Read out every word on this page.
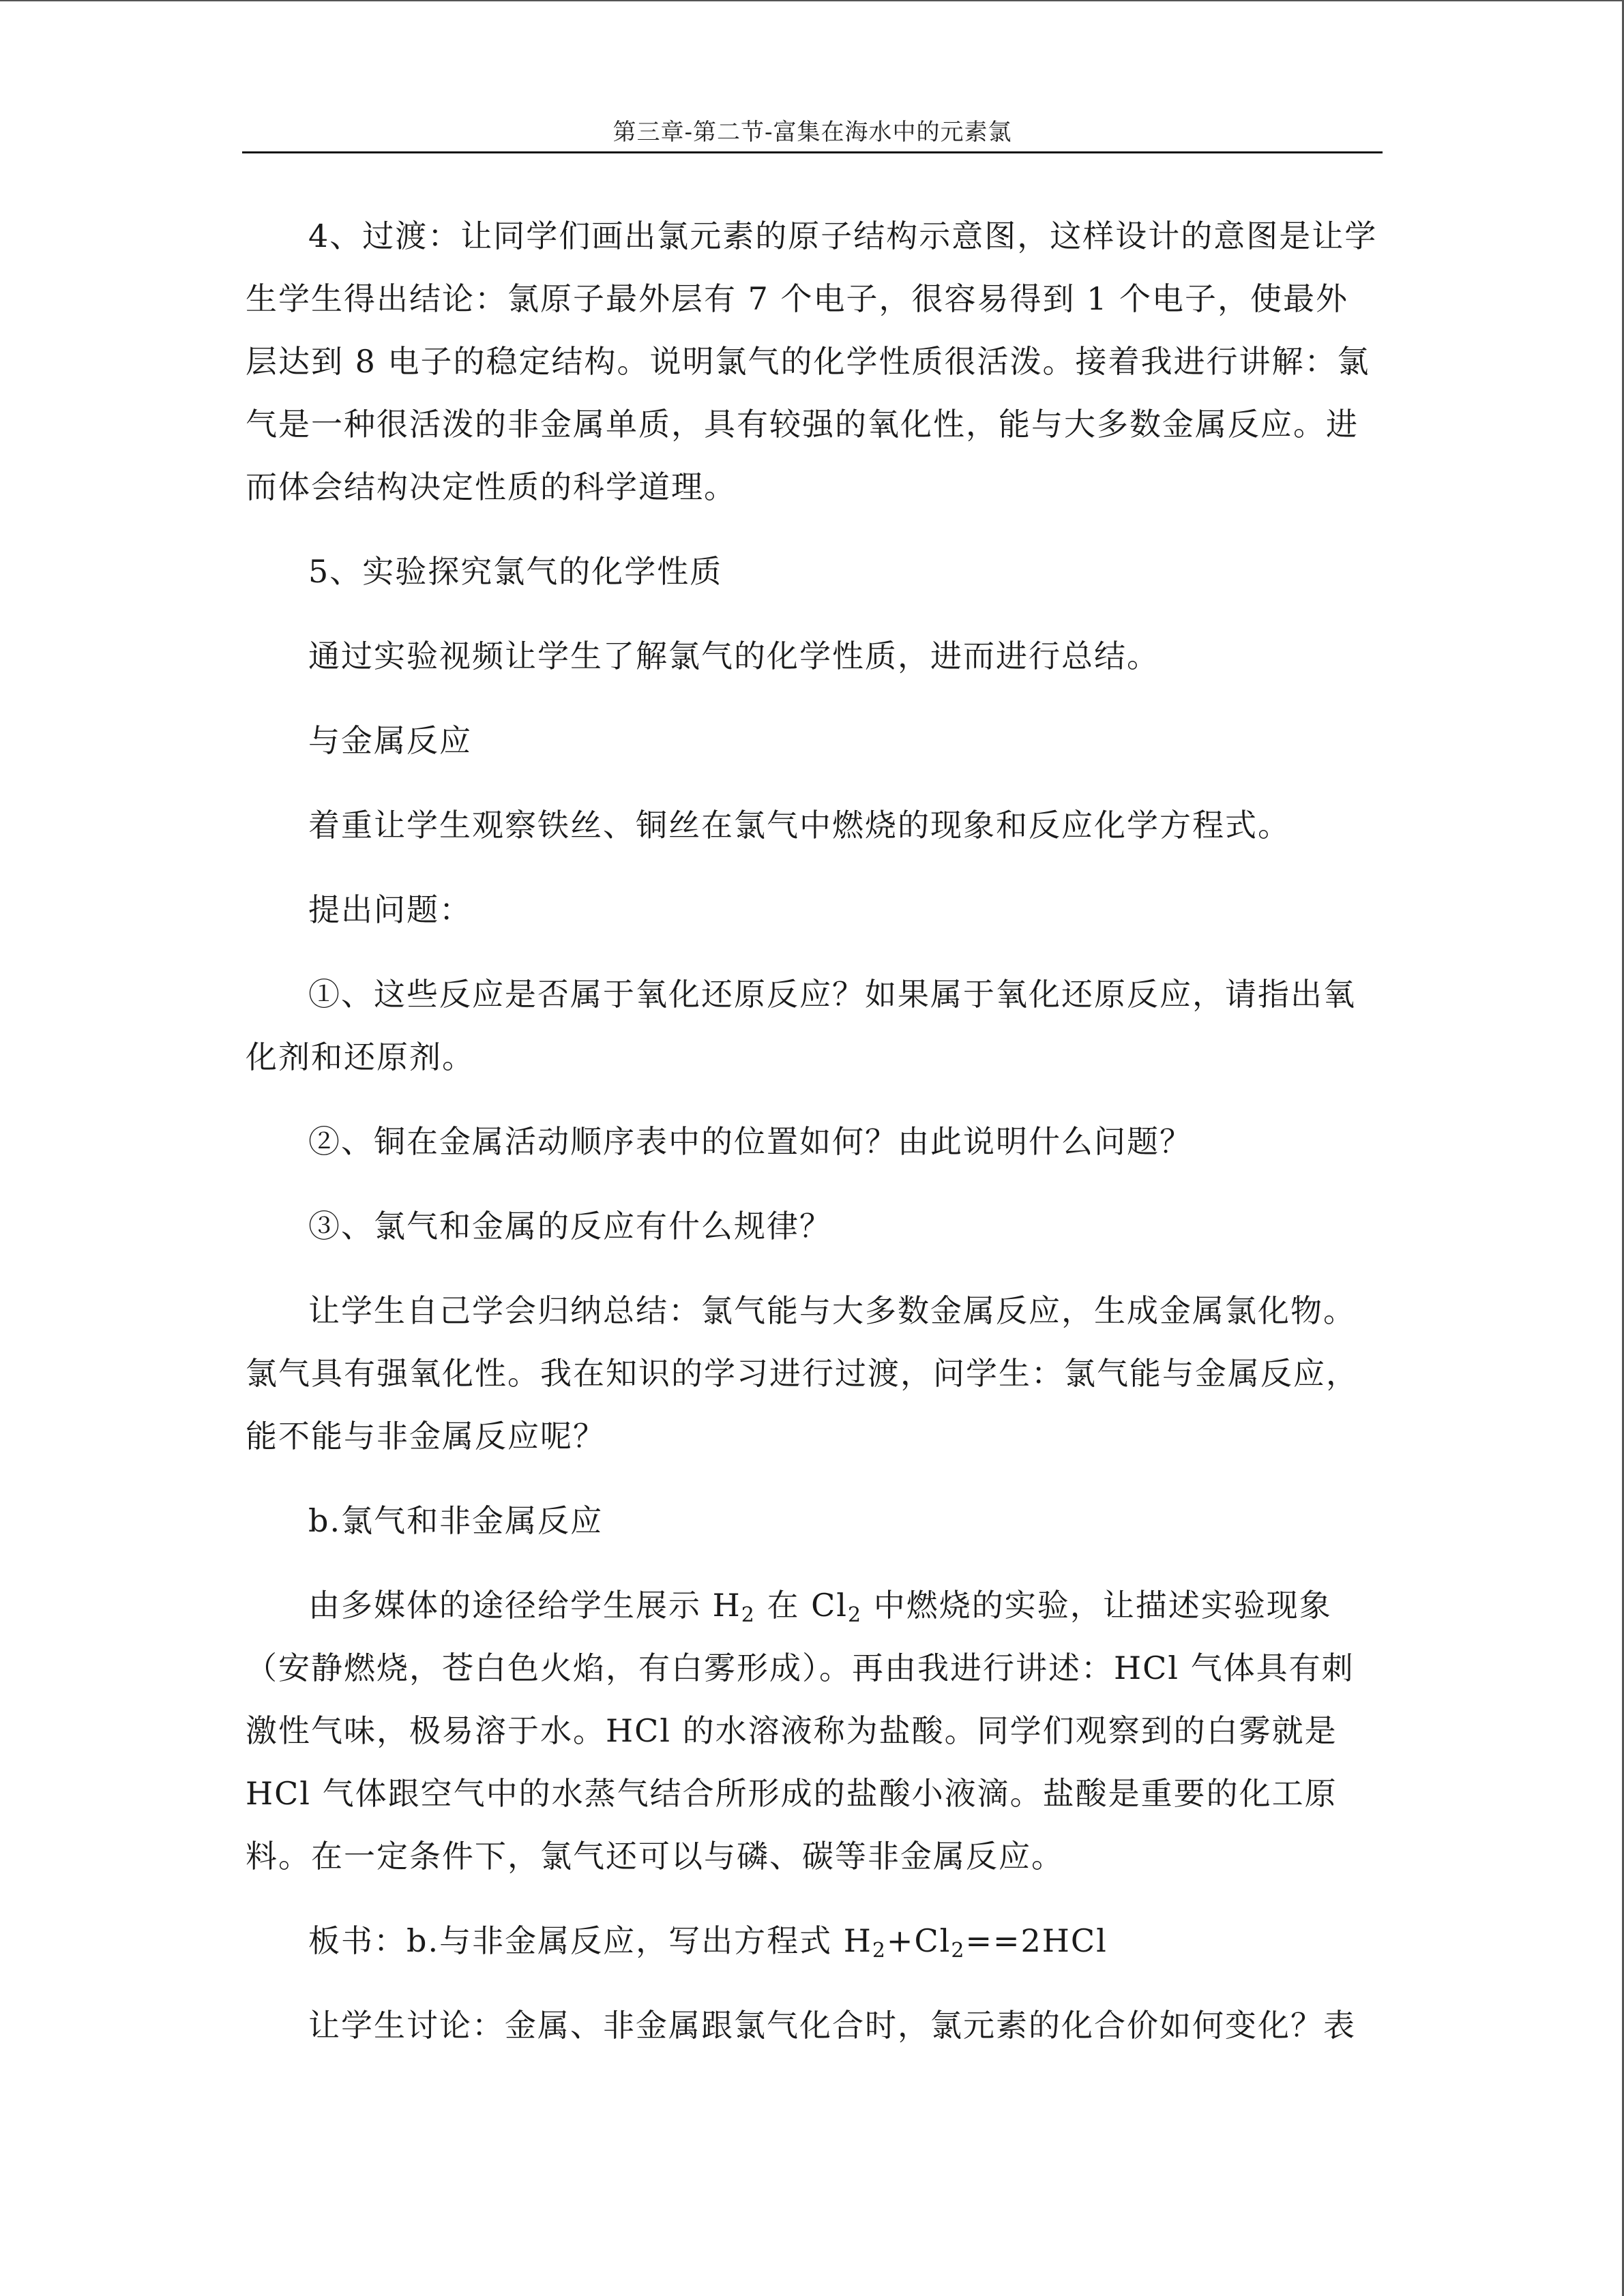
第三章-第二节-富集在海水中的元素氯

4、过渡：让同学们画出氯元素的原子结构示意图，这样设计的意图是让学生学生得出结论：氯原子最外层有 7 个电子，很容易得到 1 个电子，使最外层达到 8 电子的稳定结构。说明氯气的化学性质很活泼。接着我进行讲解：氯气是一种很活泼的非金属单质，具有较强的氧化性，能与大多数金属反应。进而体会结构决定性质的科学道理。

5、实验探究氯气的化学性质

通过实验视频让学生了解氯气的化学性质，进而进行总结。

与金属反应

着重让学生观察铁丝、铜丝在氯气中燃烧的现象和反应化学方程式。

提出问题：

①、这些反应是否属于氧化还原反应？如果属于氧化还原反应，请指出氧化剂和还原剂。

②、铜在金属活动顺序表中的位置如何？由此说明什么问题？

③、氯气和金属的反应有什么规律？

让学生自己学会归纳总结：氯气能与大多数金属反应，生成金属氯化物。氯气具有强氧化性。我在知识的学习进行过渡，问学生：氯气能与金属反应，能不能与非金属反应呢？

b.氯气和非金属反应

由多媒体的途径给学生展示 $H_2$ 在 $Cl_2$ 中燃烧的实验，让描述实验现象（安静燃烧，苍白色火焰，有白雾形成）。再由我进行讲述：HCl 气体具有刺激性气味，极易溶于水。HCl 的水溶液称为盐酸。同学们观察到的白雾就是 HCl 气体跟空气中的水蒸气结合所形成的盐酸小液滴。盐酸是重要的化工原料。在一定条件下，氯气还可以与磷、碳等非金属反应。

板书：b.与非金属反应，写出方程式 $H_2+Cl_2==2HCl$

让学生讨论：金属、非金属跟氯气化合时，氯元素的化合价如何变化？表
